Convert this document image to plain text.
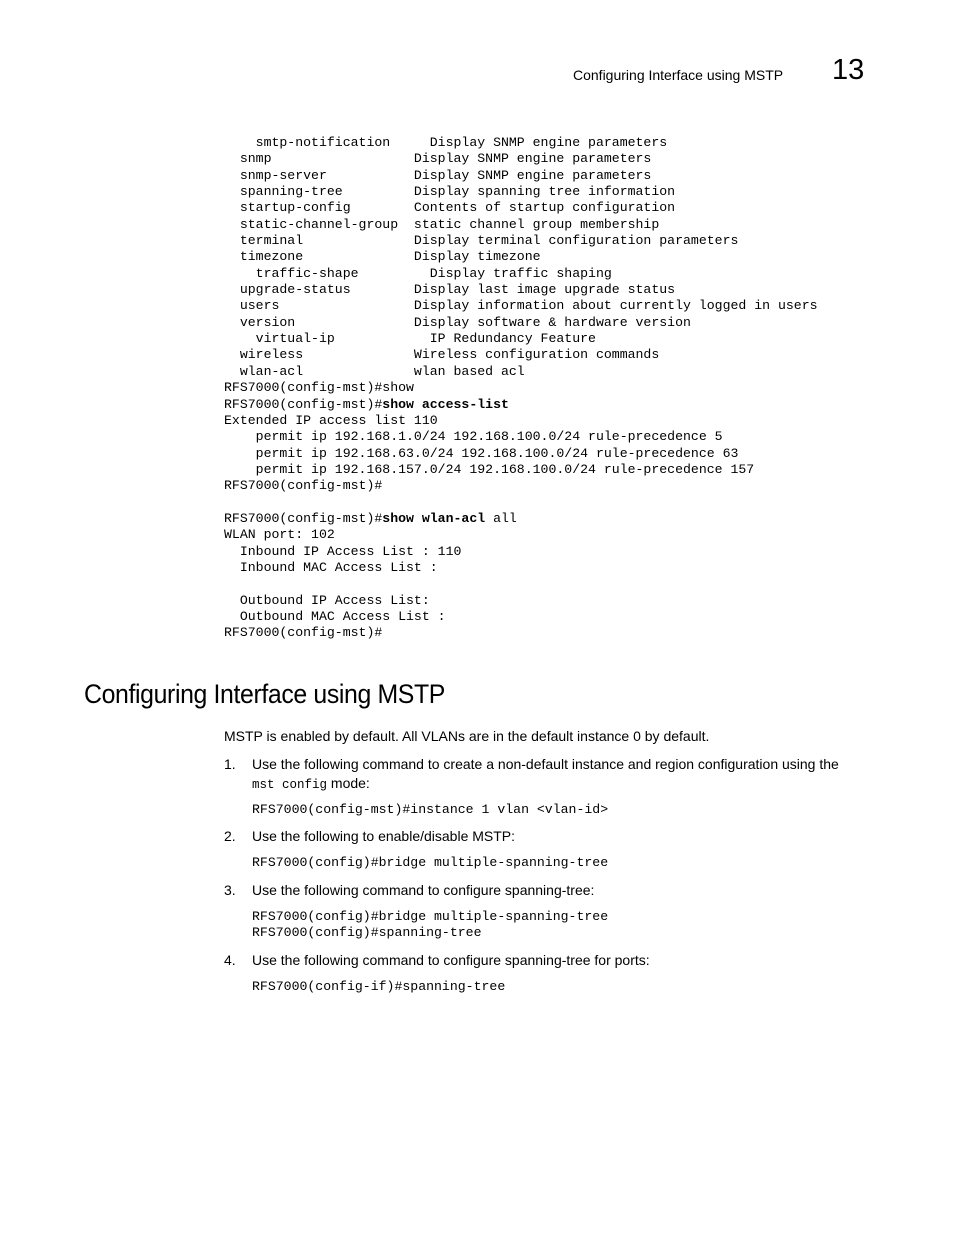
Configuring Interface using MSTP 13
smtp-notification     Display SNMP engine parameters
snmp                  Display SNMP engine parameters
snmp-server           Display SNMP engine parameters
spanning-tree         Display spanning tree information
startup-config        Contents of startup configuration
static-channel-group  static channel group membership
terminal              Display terminal configuration parameters
timezone              Display timezone
traffic-shape         Display traffic shaping
upgrade-status        Display last image upgrade status
users                 Display information about currently logged in users
version               Display software & hardware version
virtual-ip            IP Redundancy Feature
wireless              Wireless configuration commands
wlan-acl              wlan based acl
RFS7000(config-mst)#show
RFS7000(config-mst)#show access-list
Extended IP access list 110
permit ip 192.168.1.0/24 192.168.100.0/24 rule-precedence 5
permit ip 192.168.63.0/24 192.168.100.0/24 rule-precedence 63
permit ip 192.168.157.0/24 192.168.100.0/24 rule-precedence 157
RFS7000(config-mst)#
RFS7000(config-mst)#show wlan-acl all
WLAN port: 102
Inbound IP Access List : 110
Inbound MAC Access List :
Outbound IP Access List:
Outbound MAC Access List :
RFS7000(config-mst)#
Configuring Interface using MSTP

MSTP is enabled by default. All VLANs are in the default instance 0 by default.

1. Use the following command to create a non-default instance and region configuration using the mst config mode:
RFS7000(config-mst)#instance 1 vlan <vlan-id>
2. Use the following to enable/disable MSTP:
RFS7000(config)#bridge multiple-spanning-tree
3. Use the following command to configure spanning-tree:
RFS7000(config)#bridge multiple-spanning-tree
RFS7000(config)#spanning-tree
4. Use the following command to configure spanning-tree for ports:
RFS7000(config-if)#spanning-tree
